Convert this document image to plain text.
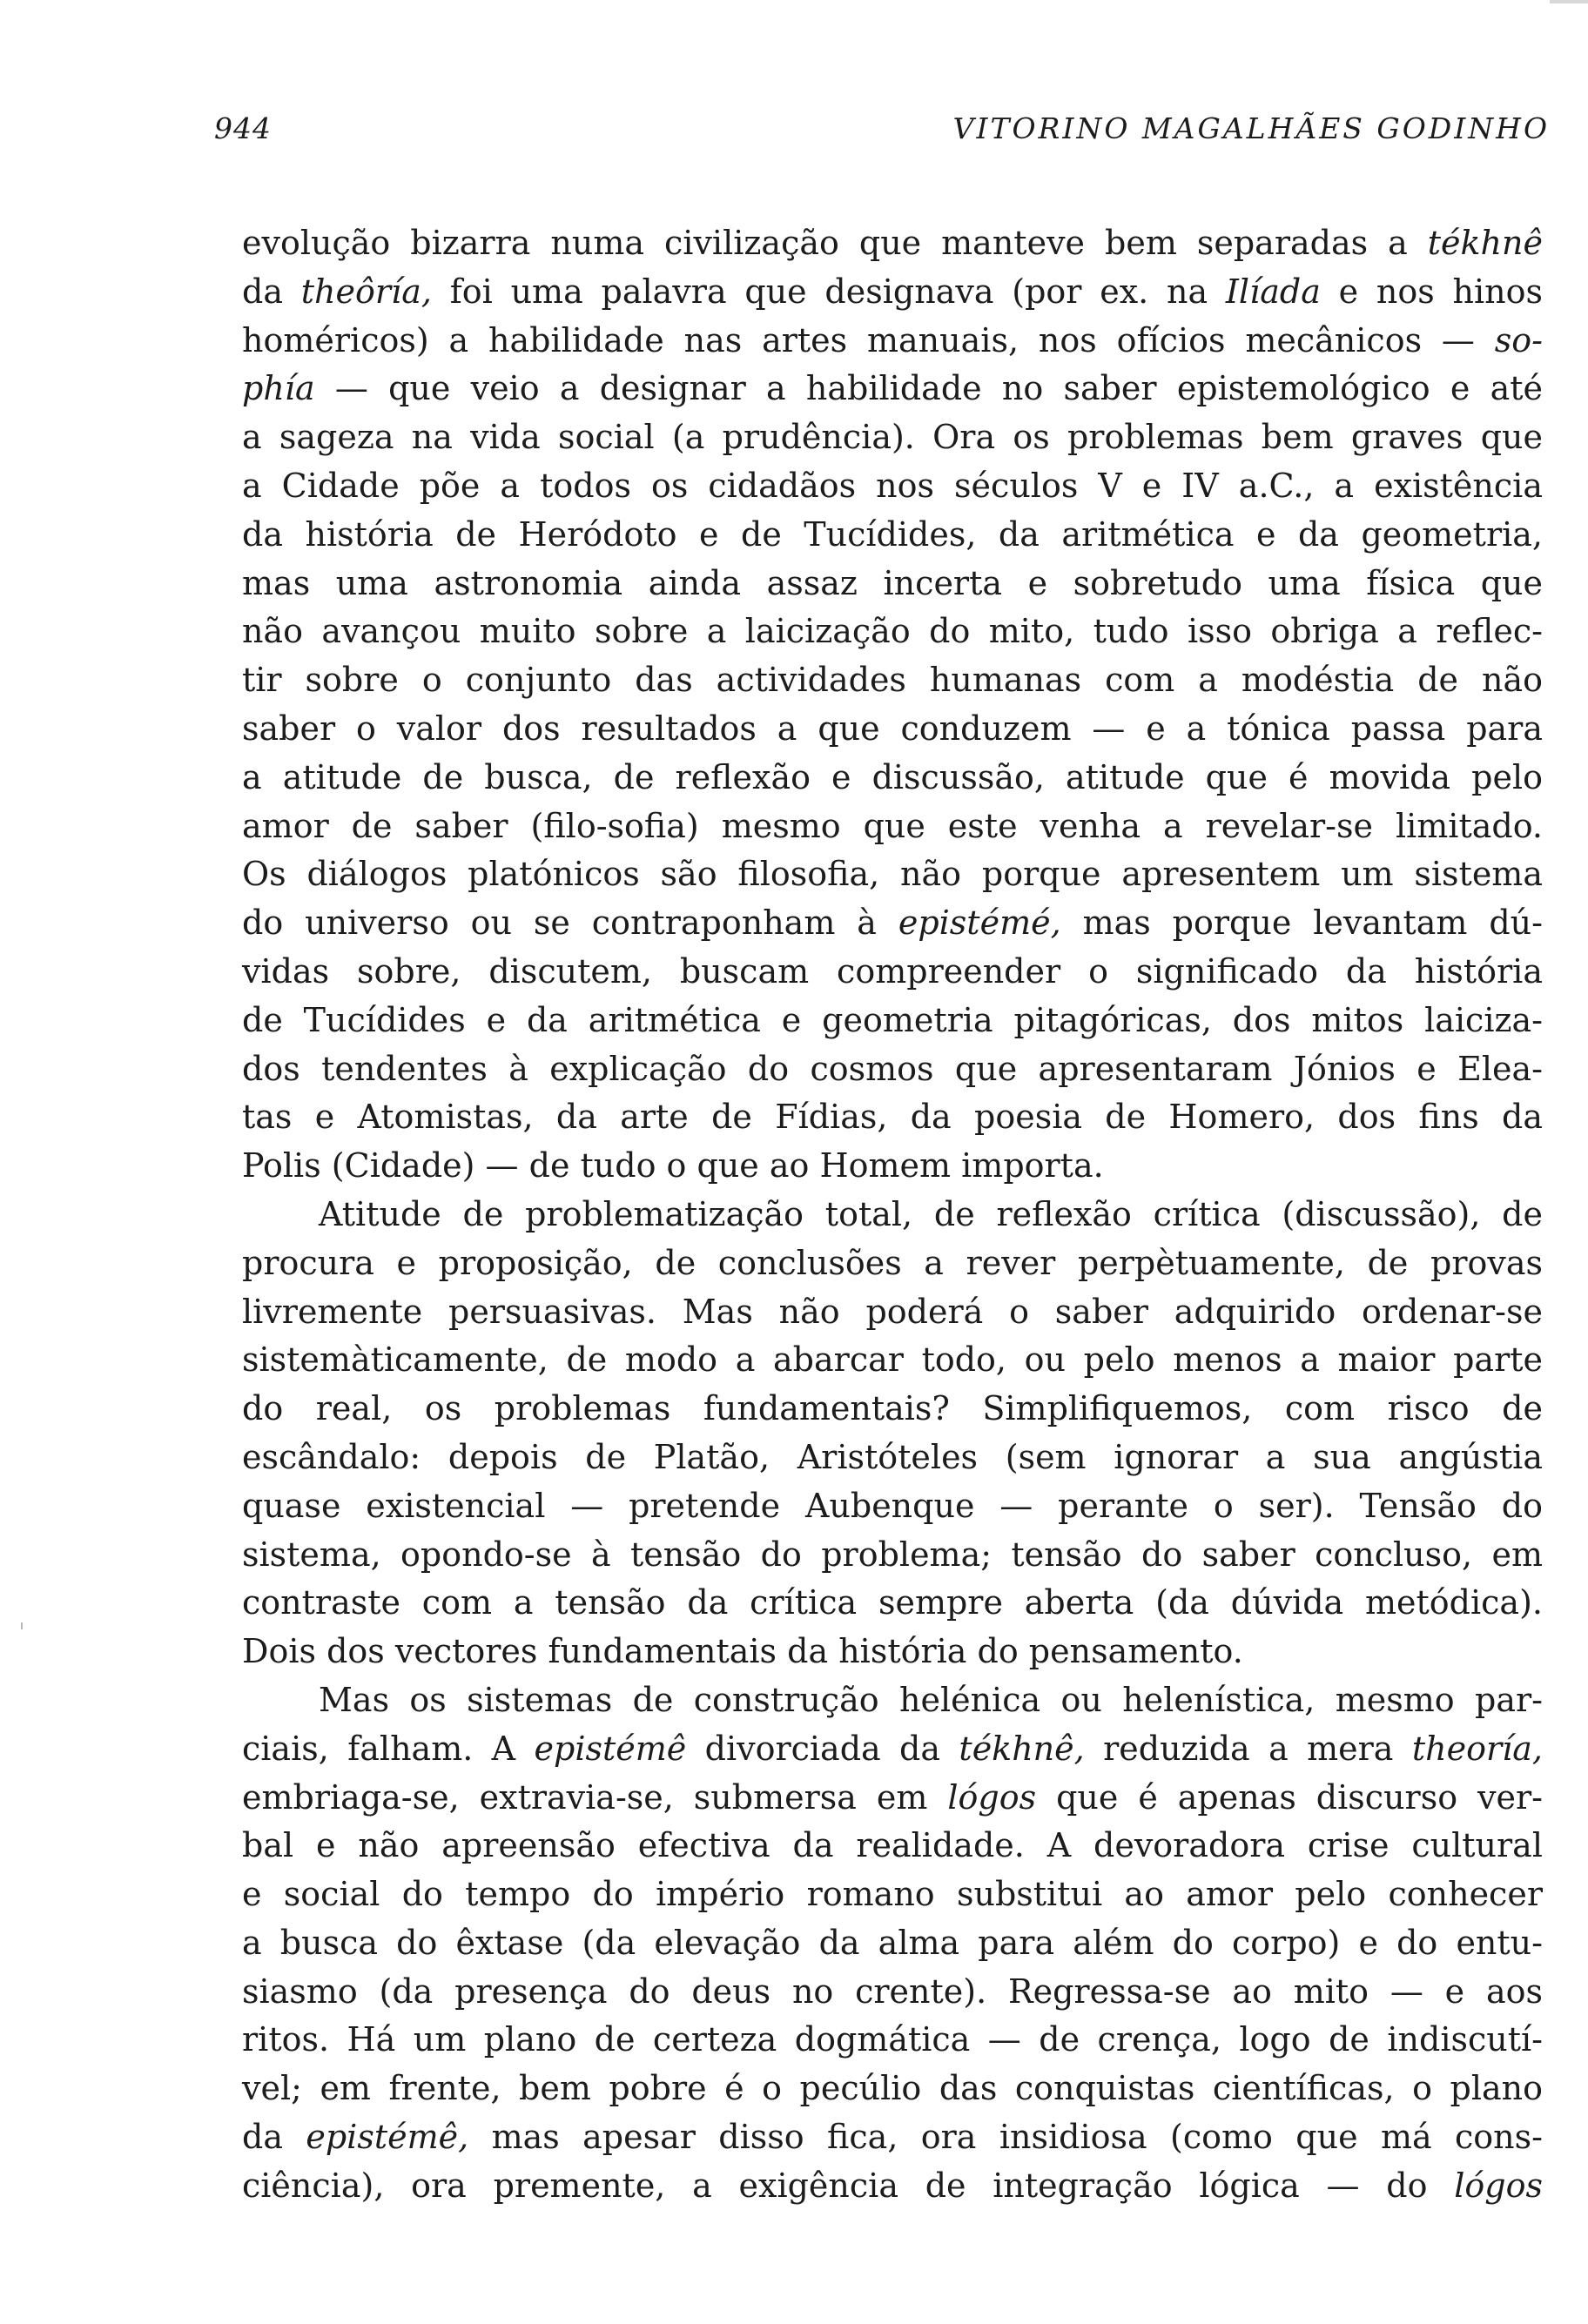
944	VITORINO MAGALHÃES GODINHO
evolução bizarra numa civilização que manteve bem separadas a tékhnê
da theôría, foi uma palavra que designava (por ex. na Ilíada e nos hinos
homéricos) a habilidade nas artes manuais, nos ofícios mecânicos — so-
phía — que veio a designar a habilidade no saber epistemológico e até
a sageza na vida social (a prudência). Ora os problemas bem graves que
a Cidade põe a todos os cidadãos nos séculos V e IV a.C., a existência
da história de Heródoto e de Tucídides, da aritmética e da geometria,
mas uma astronomia ainda assaz incerta e sobretudo uma física que
não avançou muito sobre a laicização do mito, tudo isso obriga a reflec-
tir sobre o conjunto das actividades humanas com a modéstia de não
saber o valor dos resultados a que conduzem — e a tónica passa para
a atitude de busca, de reflexão e discussão, atitude que é movida pelo
amor de saber (filo-sofia) mesmo que este venha a revelar-se limitado.
Os diálogos platónicos são filosofia, não porque apresentem um sistema
do universo ou se contraponham à epistémé, mas porque levantam dú-
vidas sobre, discutem, buscam compreender o significado da história
de Tucídides e da aritmética e geometria pitagóricas, dos mitos laiciza-
dos tendentes à explicação do cosmos que apresentaram Jónios e Elea-
tas e Atomistas, da arte de Fídias, da poesia de Homero, dos fins da
Polis (Cidade) — de tudo o que ao Homem importa.
Atitude de problematização total, de reflexão crítica (discussão), de
procura e proposição, de conclusões a rever perpètuamente, de provas
livremente persuasivas. Mas não poderá o saber adquirido ordenar-se
sistemàticamente, de modo a abarcar todo, ou pelo menos a maior parte
do real, os problemas fundamentais? Simplifiquemos, com risco de
escândalo: depois de Platão, Aristóteles (sem ignorar a sua angústia
quase existencial — pretende Aubenque — perante o ser). Tensão do
sistema, opondo-se à tensão do problema; tensão do saber concluso, em
contraste com a tensão da crítica sempre aberta (da dúvida metódica).
Dois dos vectores fundamentais da história do pensamento.
Mas os sistemas de construção helénica ou helenística, mesmo par-
ciais, falham. A epistémê divorciada da tékhnê, reduzida a mera theoría,
embriaga-se, extravia-se, submersa em lógos que é apenas discurso ver-
bal e não apreensão efectiva da realidade. A devoradora crise cultural
e social do tempo do império romano substitui ao amor pelo conhecer
a busca do êxtase (da elevação da alma para além do corpo) e do entu-
siasmo (da presença do deus no crente). Regressa-se ao mito — e aos
ritos. Há um plano de certeza dogmática — de crença, logo de indiscutí-
vel; em frente, bem pobre é o pecúlio das conquistas científicas, o plano
da epistémê, mas apesar disso fica, ora insidiosa (como que má cons-
ciência), ora premente, a exigência de integração lógica — do lógos
